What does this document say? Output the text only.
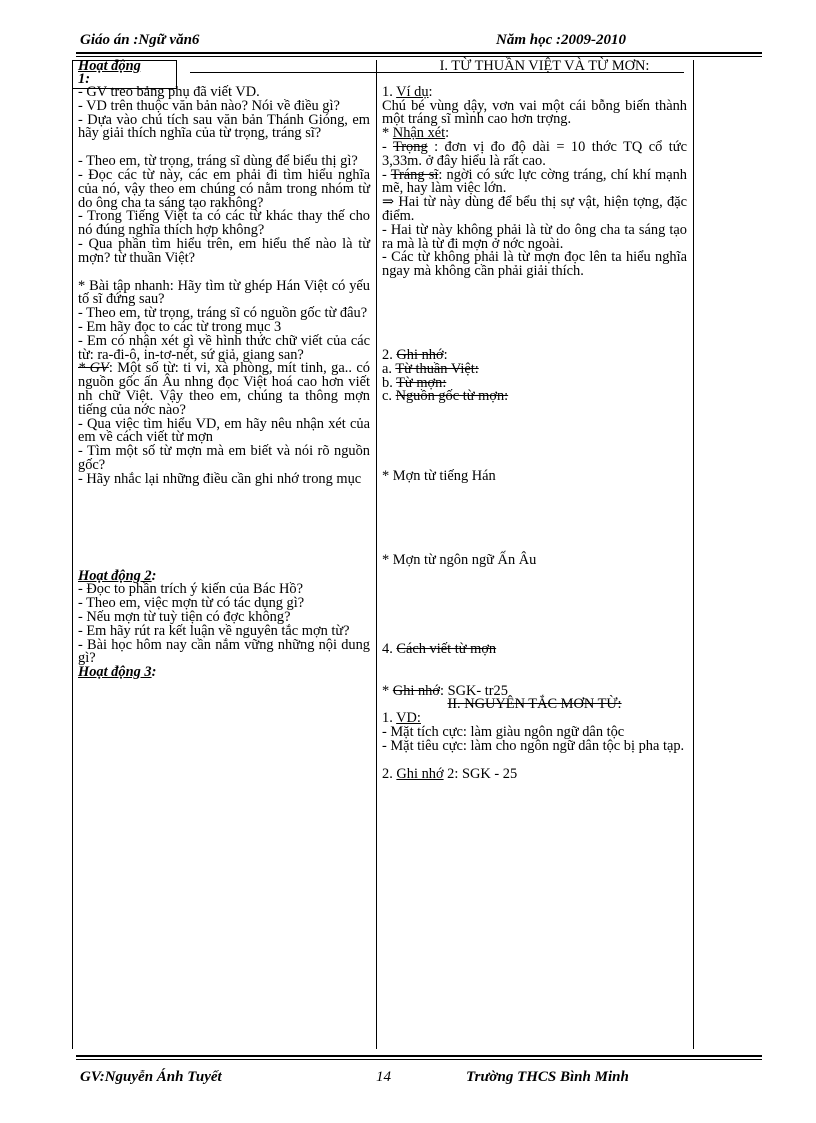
Giáo án :Ngữ văn6	Năm học :2009-2010

Hoạt động
1:

- GV treo bảng phụ đã viết VD.

- VD trên thuộc văn bản nào? Nói về điều gì?

- Dựa vào chú tích sau văn bản Thánh Gióng, em hãy giải thích nghĩa của từ trọng, tráng sĩ?

- Theo em, từ trọng, tráng sĩ dùng để biểu thị gì?

- Đọc các từ này, các em phải đi tìm hiểu nghĩa của nó, vậy theo em chúng có nằm trong nhóm từ do ông cha ta sáng tạo rakhông?

- Trong Tiếng Việt ta có các từ khác thay thế cho nó đúng nghĩa thích hợp không?

- Qua phần tìm hiểu trên, em hiểu thế nào là từ mợn? từ thuần Việt?

* Bài tập nhanh: Hãy tìm từ ghép Hán Việt có yếu tố sĩ đứng sau?

- Theo em, từ trọng, tráng sĩ có nguồn gốc từ đâu?

- Em hãy đọc to các từ trong mục 3

- Em có nhận xét gì về hình thức chữ viết của các từ: ra-đi-ô, in-tơ-nét, sứ giả, giang san?

* GV: Một số từ: ti vi, xà phòng, mít tinh, ga.. có nguồn gốc ấn Âu nhng đọc Việt hoá cao hơn viết nh chữ Việt. Vậy theo em, chúng ta thông mợn tiếng của nớc nào?

- Qua việc tìm hiểu VD, em hãy nêu nhận xét của em về cách viết từ mợn

- Tìm một số từ mợn mà em biết và nói rõ nguồn gốc?

- Hãy nhắc lại những điều cần ghi nhớ trong mục

Hoạt động 2:

- Đọc to phần trích ý kiến của Bác Hồ?

- Theo em, việc mợn từ có tác dụng gì?

- Nếu mợn từ tuỳ tiện có đợc không?

- Em hãy rút ra kết luận về nguyên tắc mợn từ?

- Bài học hôm nay cần nắm vững những nội dung gì?

Hoạt động 3:

I. TỪ THUẦN VIỆT VÀ TỪ MƠN:

1. Ví dụ:

Chú bé vùng dậy, vơn vai một cái bỗng biến thành một tráng sĩ mình cao hơn trợng.

* Nhận xét:

- Trọng : đơn vị đo độ dài = 10 thớc TQ cổ tức 3,33m. ở đây hiểu là rất cao.

- Tráng sĩ: ngời có sức lực cờng tráng, chí khí mạnh mẽ, hay làm việc lớn.

⇒ Hai từ này dùng để bểu thị sự vật, hiện tợng, đặc điểm.

- Hai từ này không phải là từ do ông cha ta sáng tạo ra mà là từ đi mợn ở nớc ngoài.

- Các từ không phải là từ mợn đọc lên ta hiểu nghĩa ngay mà không cần phải giải thích.

2. Ghi nhớ:

a. Từ thuần Việt:

b. Từ mợn:

c. Nguồn gốc từ mợn:

* Mợn từ tiếng Hán

* Mợn từ ngôn ngữ Ấn Âu

4. Cách viết từ mợn

* Ghi nhớ: SGK- tr25

II. NGUYÊN TẮC MƠN TỪ:

1. VD:

- Mặt tích cực: làm giàu ngôn ngữ dân tộc

- Mặt tiêu cực: làm cho ngôn ngữ dân tộc bị pha tạp.

2. Ghi nhớ 2: SGK - 25

GV:Nguyễn Ánh Tuyết	14	Trường THCS Bình Minh
